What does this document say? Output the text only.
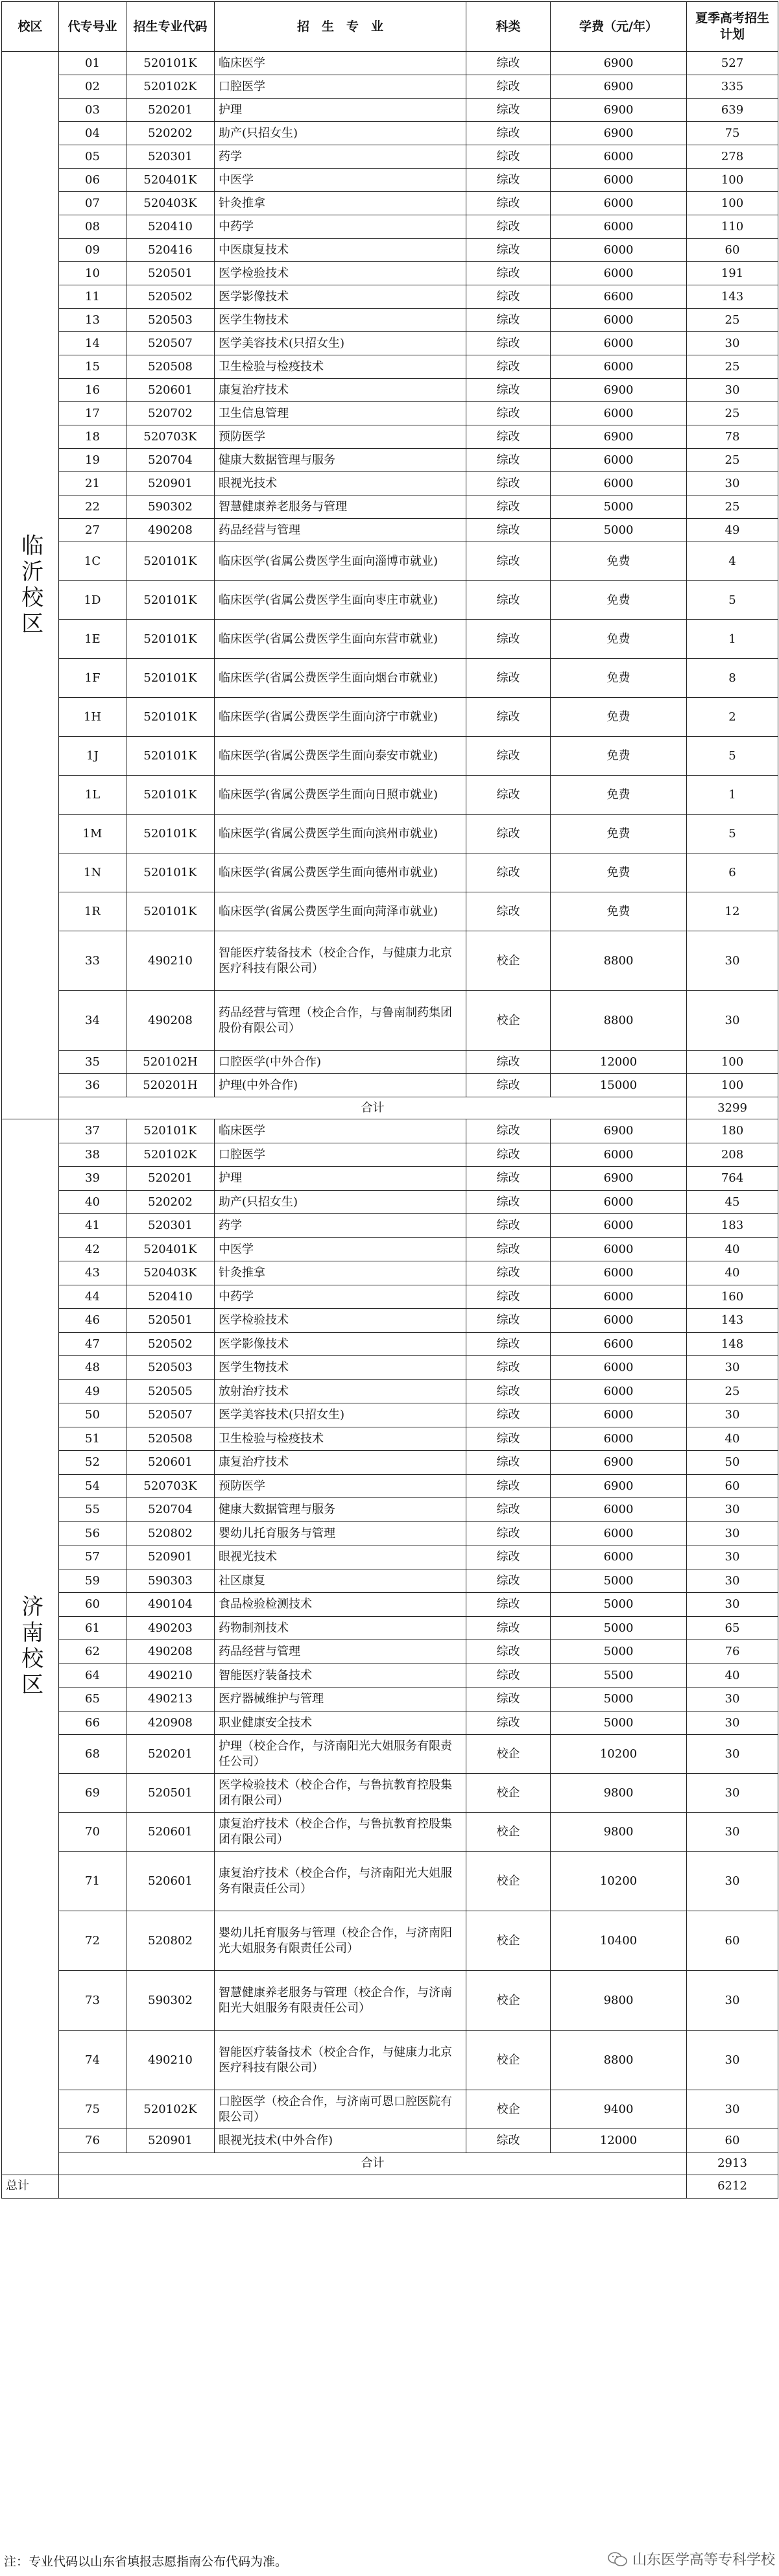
校区	代专号业	招生专业代码	招　生　专　业	科类	学费（元/年）	夏季高考招生计划
临沂校区	01	520101K	临床医学	综改	6900	527
	02	520102K	口腔医学	综改	6900	335
	03	520201	护理	综改	6900	639
	04	520202	助产(只招女生)	综改	6900	75
	05	520301	药学	综改	6000	278
	06	520401K	中医学	综改	6000	100
	07	520403K	针灸推拿	综改	6000	100
	08	520410	中药学	综改	6000	110
	09	520416	中医康复技术	综改	6000	60
	10	520501	医学检验技术	综改	6000	191
	11	520502	医学影像技术	综改	6600	143
	13	520503	医学生物技术	综改	6000	25
	14	520507	医学美容技术(只招女生)	综改	6000	30
	15	520508	卫生检验与检疫技术	综改	6000	25
	16	520601	康复治疗技术	综改	6900	30
	17	520702	卫生信息管理	综改	6000	25
	18	520703K	预防医学	综改	6900	78
	19	520704	健康大数据管理与服务	综改	6000	25
	21	520901	眼视光技术	综改	6000	30
	22	590302	智慧健康养老服务与管理	综改	5000	25
	27	490208	药品经营与管理	综改	5000	49
	1C	520101K	临床医学(省属公费医学生面向淄博市就业)	综改	免费	4
	1D	520101K	临床医学(省属公费医学生面向枣庄市就业)	综改	免费	5
	1E	520101K	临床医学(省属公费医学生面向东营市就业)	综改	免费	1
	1F	520101K	临床医学(省属公费医学生面向烟台市就业)	综改	免费	8
	1H	520101K	临床医学(省属公费医学生面向济宁市就业)	综改	免费	2
	1J	520101K	临床医学(省属公费医学生面向泰安市就业)	综改	免费	5
	1L	520101K	临床医学(省属公费医学生面向日照市就业)	综改	免费	1
	1M	520101K	临床医学(省属公费医学生面向滨州市就业)	综改	免费	5
	1N	520101K	临床医学(省属公费医学生面向德州市就业)	综改	免费	6
	1R	520101K	临床医学(省属公费医学生面向菏泽市就业)	综改	免费	12
	33	490210	智能医疗装备技术（校企合作，与健康力北京医疗科技有限公司）	校企	8800	30
	34	490208	药品经营与管理（校企合作，与鲁南制药集团股份有限公司）	校企	8800	30
	35	520102H	口腔医学(中外合作)	综改	12000	100
	36	520201H	护理(中外合作)	综改	15000	100
	合计					3299
济南校区	37	520101K	临床医学	综改	6900	180
	38	520102K	口腔医学	综改	6000	208
	39	520201	护理	综改	6900	764
	40	520202	助产(只招女生)	综改	6000	45
	41	520301	药学	综改	6000	183
	42	520401K	中医学	综改	6000	40
	43	520403K	针灸推拿	综改	6000	40
	44	520410	中药学	综改	6000	160
	46	520501	医学检验技术	综改	6000	143
	47	520502	医学影像技术	综改	6600	148
	48	520503	医学生物技术	综改	6000	30
	49	520505	放射治疗技术	综改	6000	25
	50	520507	医学美容技术(只招女生)	综改	6000	30
	51	520508	卫生检验与检疫技术	综改	6000	40
	52	520601	康复治疗技术	综改	6900	50
	54	520703K	预防医学	综改	6900	60
	55	520704	健康大数据管理与服务	综改	6000	30
	56	520802	婴幼儿托育服务与管理	综改	6000	30
	57	520901	眼视光技术	综改	6000	30
	59	590303	社区康复	综改	5000	30
	60	490104	食品检验检测技术	综改	5000	30
	61	490203	药物制剂技术	综改	5000	65
	62	490208	药品经营与管理	综改	5000	76
	64	490210	智能医疗装备技术	综改	5500	40
	65	490213	医疗器械维护与管理	综改	5000	30
	66	420908	职业健康安全技术	综改	5000	30
	68	520201	护理（校企合作，与济南阳光大姐服务有限责任公司）	校企	10200	30
	69	520501	医学检验技术（校企合作，与鲁抗教育控股集团有限公司）	校企	9800	30
	70	520601	康复治疗技术（校企合作，与鲁抗教育控股集团有限公司）	校企	9800	30
	71	520601	康复治疗技术（校企合作，与济南阳光大姐服务有限责任公司）	校企	10200	30
	72	520802	婴幼儿托育服务与管理（校企合作，与济南阳光大姐服务有限责任公司）	校企	10400	60
	73	590302	智慧健康养老服务与管理（校企合作，与济南阳光大姐服务有限责任公司）	校企	9800	30
	74	490210	智能医疗装备技术（校企合作，与健康力北京医疗科技有限公司）	校企	8800	30
	75	520102K	口腔医学（校企合作，与济南可恩口腔医院有限公司）	校企	9400	30
	76	520901	眼视光技术(中外合作)	综改	12000	60
	合计					2913
总计						6212
注：专业代码以山东省填报志愿指南公布代码为准。	山东医学高等专科学校
